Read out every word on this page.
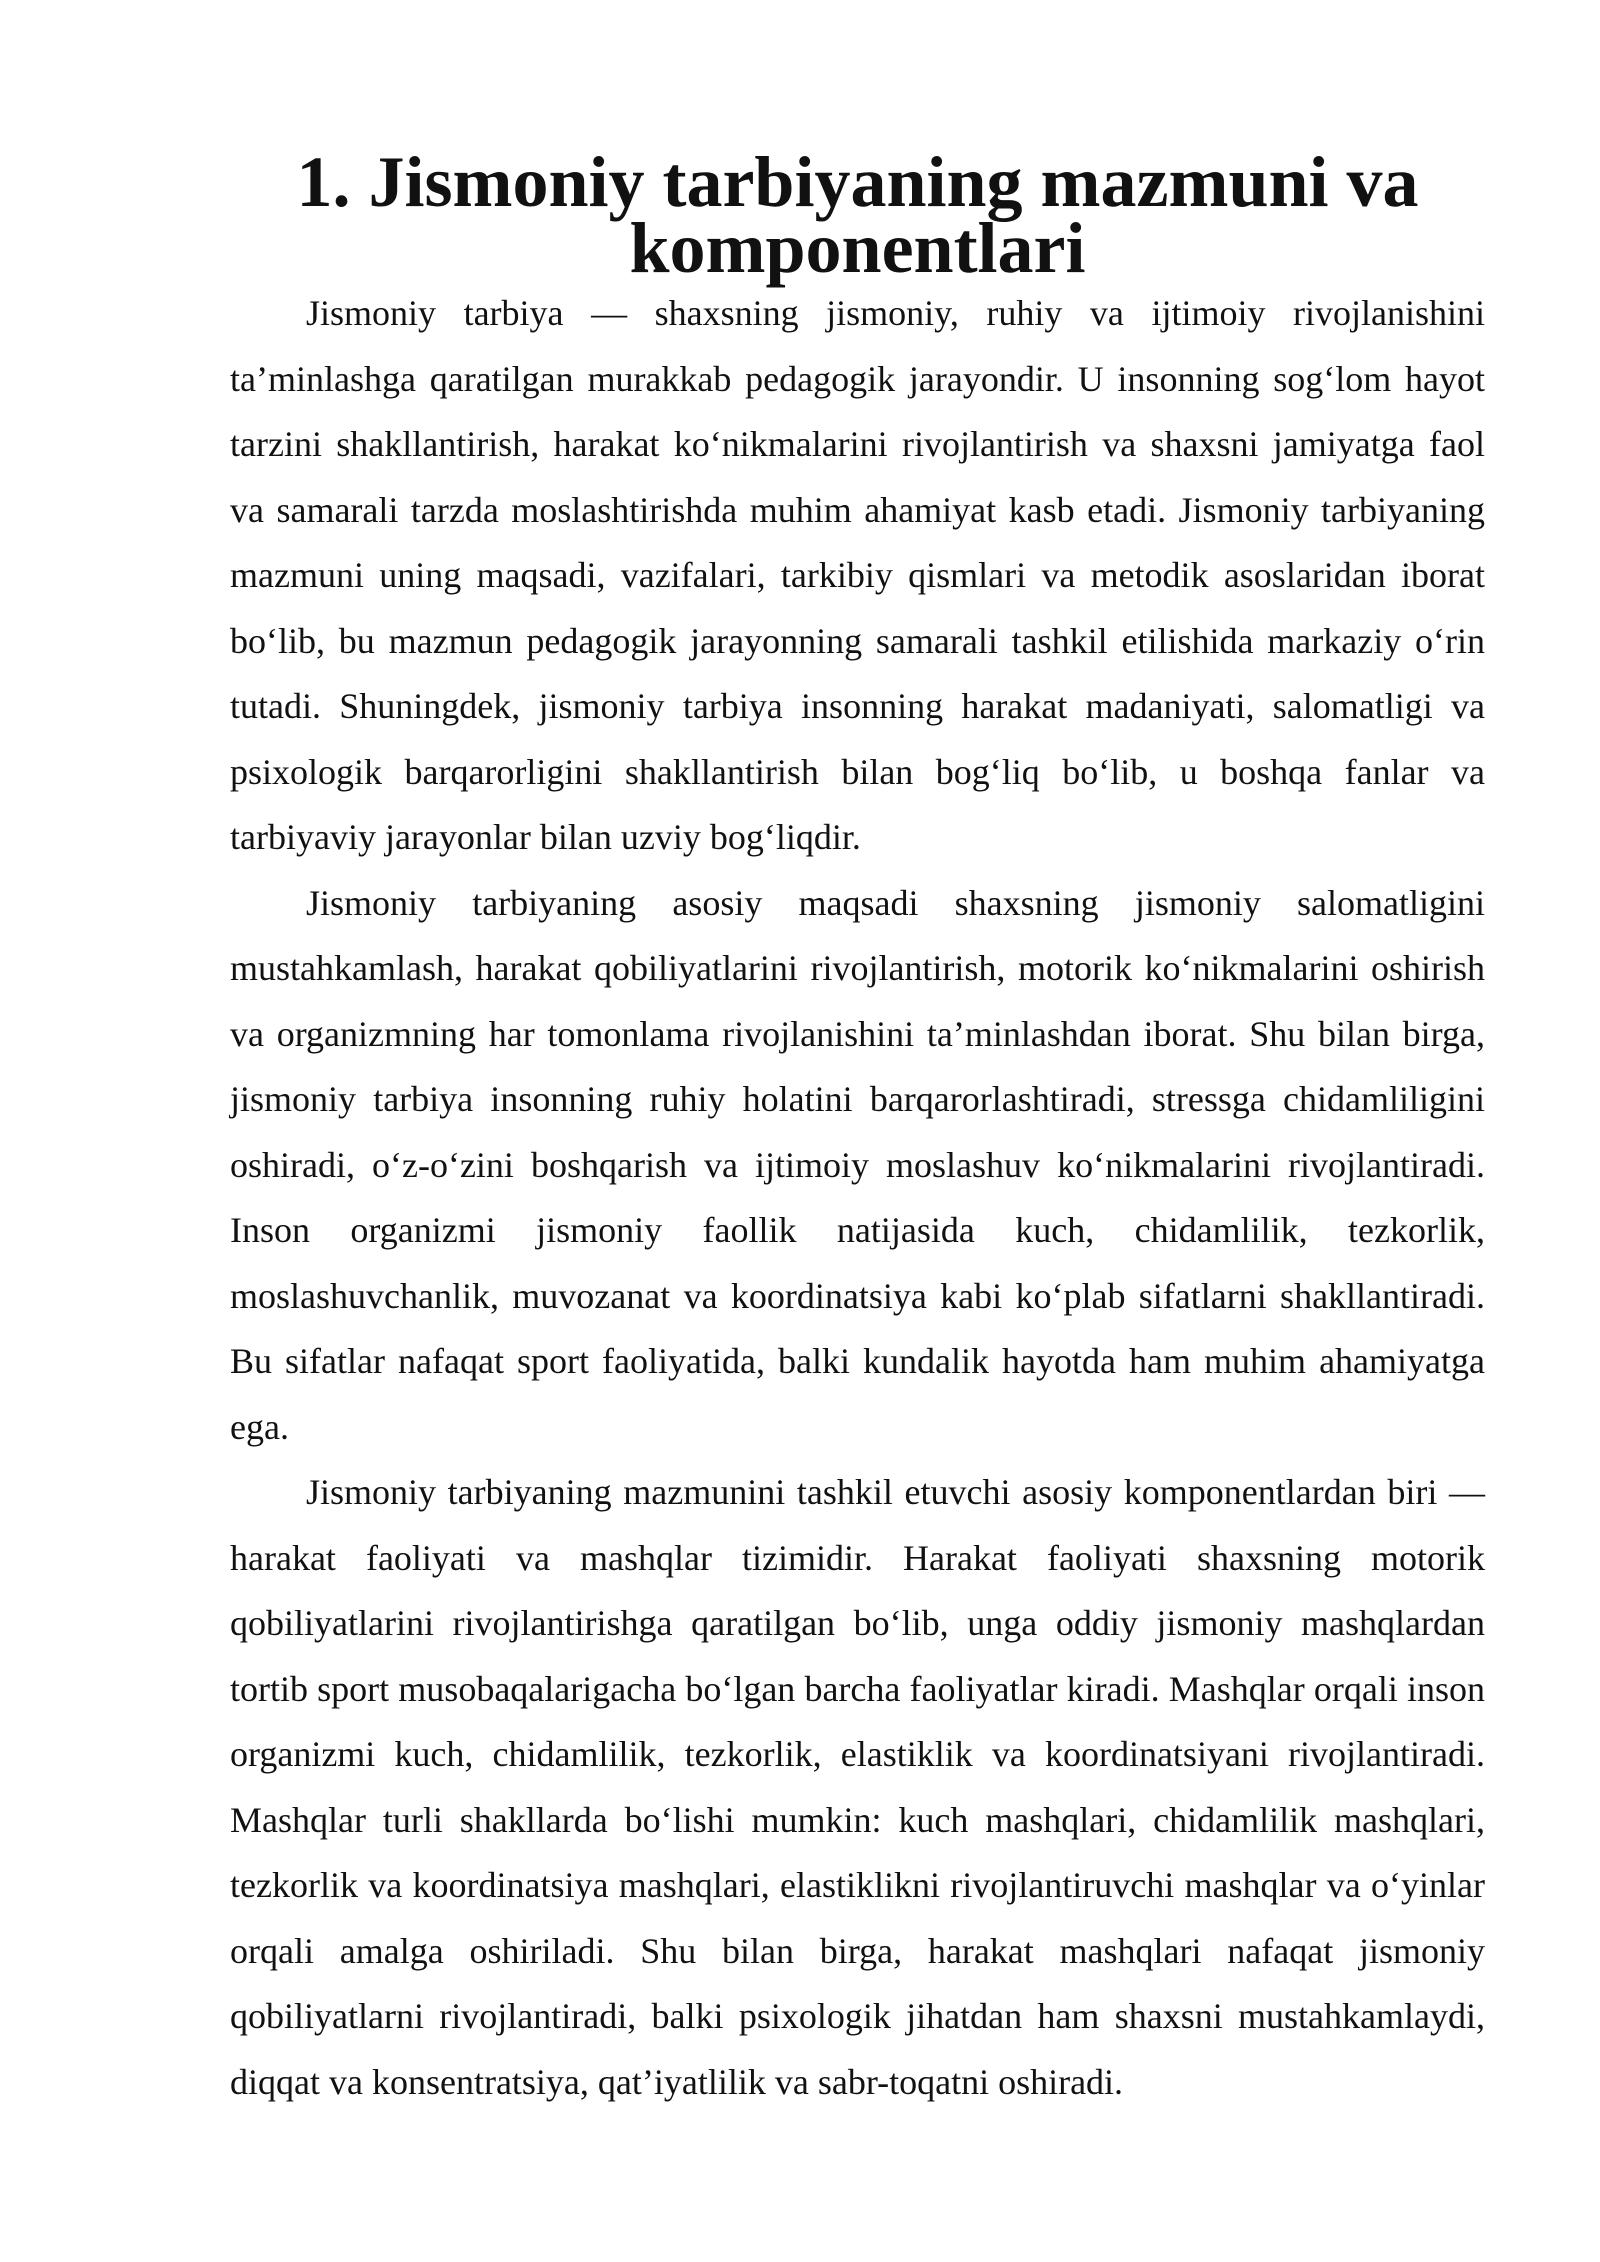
1. Jismoniy tarbiyaning mazmuni va komponentlari

Jismoniy tarbiya — shaxsning jismoniy, ruhiy va ijtimoiy rivojlanishini ta’minlashga qaratilgan murakkab pedagogik jarayondir. U insonning sog‘lom hayot tarzini shakllantirish, harakat ko‘nikmalarini rivojlantirish va shaxsni jamiyatga faol va samarali tarzda moslashtirishda muhim ahamiyat kasb etadi. Jismoniy tarbiyaning mazmuni uning maqsadi, vazifalari, tarkibiy qismlari va metodik asoslaridan iborat bo‘lib, bu mazmun pedagogik jarayonning samarali tashkil etilishida markaziy o‘rin tutadi. Shuningdek, jismoniy tarbiya insonning harakat madaniyati, salomatligi va psixologik barqarorligini shakllantirish bilan bog‘liq bo‘lib, u boshqa fanlar va tarbiyaviy jarayonlar bilan uzviy bog‘liqdir.

Jismoniy tarbiyaning asosiy maqsadi shaxsning jismoniy salomatligini mustahkamlash, harakat qobiliyatlarini rivojlantirish, motorik ko‘nikmalarini oshirish va organizmning har tomonlama rivojlanishini ta’minlashdan iborat. Shu bilan birga, jismoniy tarbiya insonning ruhiy holatini barqarorlashtiradi, stressga chidamliligini oshiradi, o‘z-o‘zini boshqarish va ijtimoiy moslashuv ko‘nikmalarini rivojlantiradi. Inson organizmi jismoniy faollik natijasida kuch, chidamlilik, tezkorlik, moslashuvchanlik, muvozanat va koordinatsiya kabi ko‘plab sifatlarni shakllantiradi. Bu sifatlar nafaqat sport faoliyatida, balki kundalik hayotda ham muhim ahamiyatga ega.

Jismoniy tarbiyaning mazmunini tashkil etuvchi asosiy komponentlardan biri — harakat faoliyati va mashqlar tizimidir. Harakat faoliyati shaxsning motorik qobiliyatlarini rivojlantirishga qaratilgan bo‘lib, unga oddiy jismoniy mashqlardan tortib sport musobaqalarigacha bo‘lgan barcha faoliyatlar kiradi. Mashqlar orqali inson organizmi kuch, chidamlilik, tezkorlik, elastiklik va koordinatsiyani rivojlantiradi. Mashqlar turli shakllarda bo‘lishi mumkin: kuch mashqlari, chidamlilik mashqlari, tezkorlik va koordinatsiya mashqlari, elastiklikni rivojlantiruvchi mashqlar va o‘yinlar orqali amalga oshiriladi. Shu bilan birga, harakat mashqlari nafaqat jismoniy qobiliyatlarni rivojlantiradi, balki psixologik jihatdan ham shaxsni mustahkamlaydi, diqqat va konsentratsiya, qat’iyatlilik va sabr-toqatni oshiradi.
